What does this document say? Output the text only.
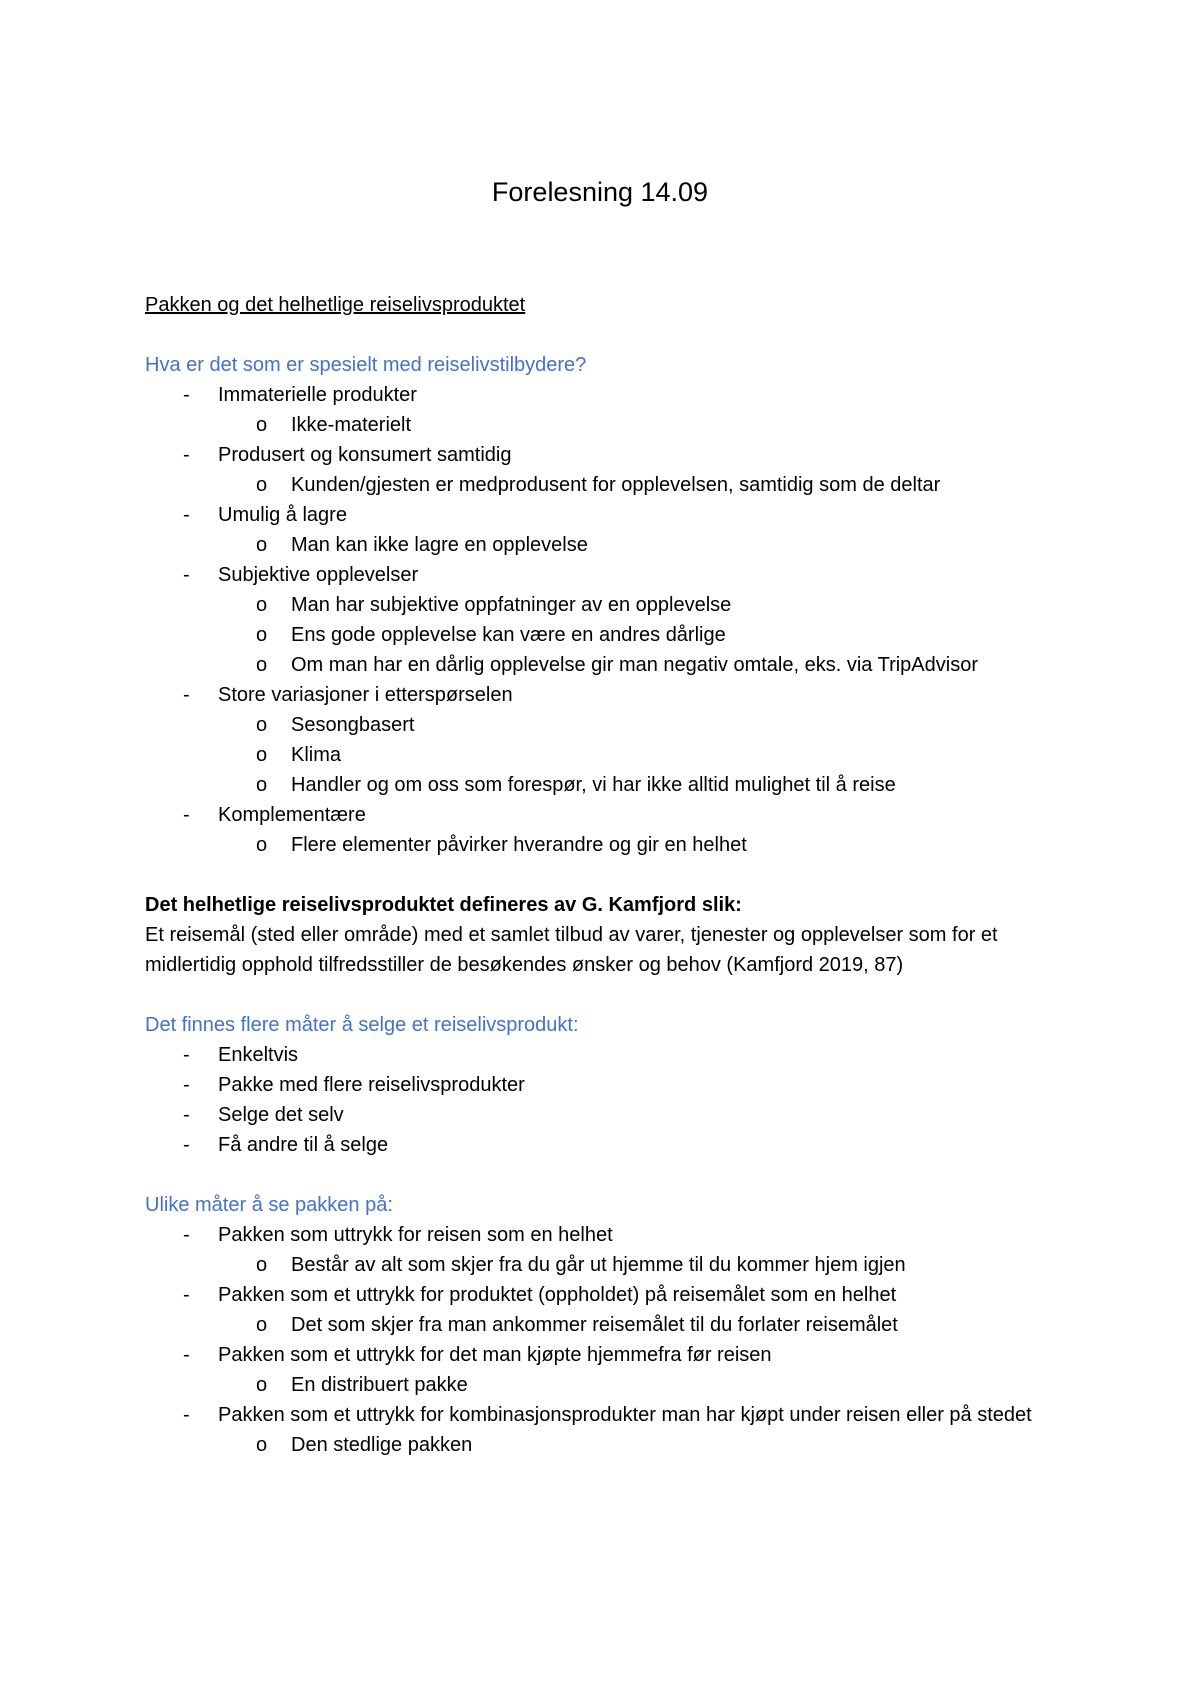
Forelesning 14.09

Pakken og det helhetlige reiselivsproduktet

Hva er det som er spesielt med reiselivstilbydere?

- Immaterielle produkter
o Ikke-materielt
- Produsert og konsumert samtidig
o Kunden/gjesten er medprodusent for opplevelsen, samtidig som de deltar
- Umulig å lagre
o Man kan ikke lagre en opplevelse
- Subjektive opplevelser
o Man har subjektive oppfatninger av en opplevelse
o Ens gode opplevelse kan være en andres dårlige
o Om man har en dårlig opplevelse gir man negativ omtale, eks. via TripAdvisor
- Store variasjoner i etterspørselen
o Sesongbasert
o Klima
o Handler og om oss som forespør, vi har ikke alltid mulighet til å reise
- Komplementære
o Flere elementer påvirker hverandre og gir en helhet

Det helhetlige reiselivsproduktet defineres av G. Kamfjord slik:

Et reisemål (sted eller område) med et samlet tilbud av varer, tjenester og opplevelser som for et midlertidig opphold tilfredsstiller de besøkendes ønsker og behov (Kamfjord 2019, 87)

Det finnes flere måter å selge et reiselivsprodukt:

- Enkeltvis
- Pakke med flere reiselivsprodukter
- Selge det selv
- Få andre til å selge

Ulike måter å se pakken på:

- Pakken som uttrykk for reisen som en helhet
o Består av alt som skjer fra du går ut hjemme til du kommer hjem igjen
- Pakken som et uttrykk for produktet (oppholdet) på reisemålet som en helhet
o Det som skjer fra man ankommer reisemålet til du forlater reisemålet
- Pakken som et uttrykk for det man kjøpte hjemmefra før reisen
o En distribuert pakke
- Pakken som et uttrykk for kombinasjonsprodukter man har kjøpt under reisen eller på stedet
o Den stedlige pakken
